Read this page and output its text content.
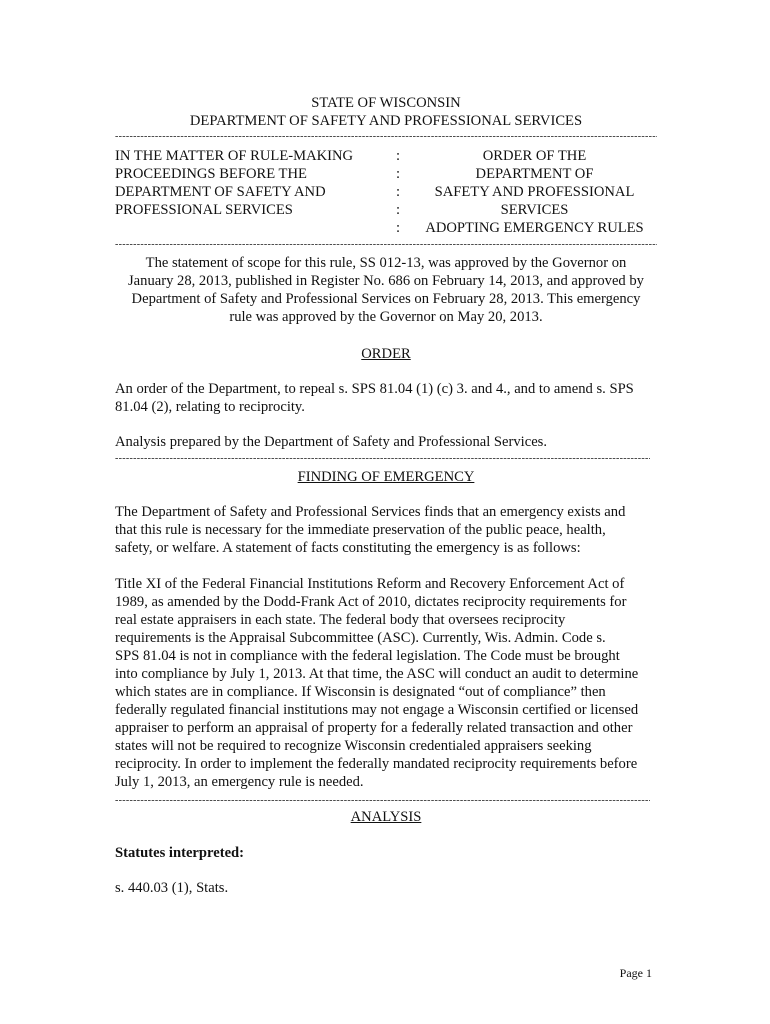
STATE OF WISCONSIN
DEPARTMENT OF SAFETY AND PROFESSIONAL SERVICES
-----
IN THE MATTER OF RULE-MAKING
PROCEEDINGS BEFORE THE
DEPARTMENT OF SAFETY AND
PROFESSIONAL SERVICES
:
:
:
:
:
ORDER OF THE
DEPARTMENT OF
SAFETY AND PROFESSIONAL
SERVICES
ADOPTING EMERGENCY RULES
-----
The statement of scope for this rule, SS 012-13, was approved by the Governor on
January 28, 2013, published in Register No. 686 on February 14, 2013, and approved by
Department of Safety and Professional Services on February 28, 2013. This emergency
rule was approved by the Governor on May 20, 2013.
ORDER
An order of the Department, to repeal s. SPS 81.04 (1) (c) 3. and 4., and to amend s. SPS
81.04 (2), relating to reciprocity.
Analysis prepared by the Department of Safety and Professional Services.
-----
FINDING OF EMERGENCY
The Department of Safety and Professional Services finds that an emergency exists and
that this rule is necessary for the immediate preservation of the public peace, health,
safety, or welfare. A statement of facts constituting the emergency is as follows:
Title XI of the Federal Financial Institutions Reform and Recovery Enforcement Act of
1989, as amended by the Dodd-Frank Act of 2010, dictates reciprocity requirements for
real estate appraisers in each state. The federal body that oversees reciprocity
requirements is the Appraisal Subcommittee (ASC). Currently, Wis. Admin. Code s.
SPS 81.04 is not in compliance with the federal legislation. The Code must be brought
into compliance by July 1, 2013. At that time, the ASC will conduct an audit to determine
which states are in compliance. If Wisconsin is designated “out of compliance” then
federally regulated financial institutions may not engage a Wisconsin certified or licensed
appraiser to perform an appraisal of property for a federally related transaction and other
states will not be required to recognize Wisconsin credentialed appraisers seeking
reciprocity. In order to implement the federally mandated reciprocity requirements before
July 1, 2013, an emergency rule is needed.
-----
ANALYSIS
Statutes interpreted:
s. 440.03 (1), Stats.
Page 1
